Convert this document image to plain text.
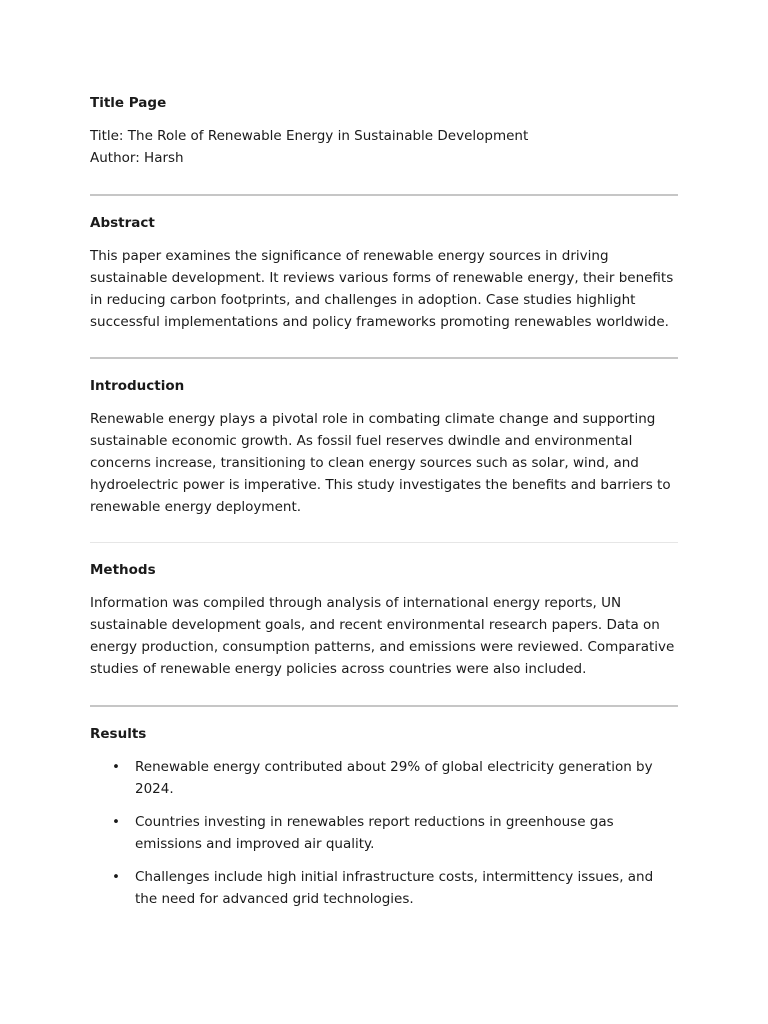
Title Page

Title: The Role of Renewable Energy in Sustainable Development

Author: Harsh

Abstract

This paper examines the significance of renewable energy sources in driving sustainable development. It reviews various forms of renewable energy, their benefits in reducing carbon footprints, and challenges in adoption. Case studies highlight successful implementations and policy frameworks promoting renewables worldwide.

Introduction

Renewable energy plays a pivotal role in combating climate change and supporting sustainable economic growth. As fossil fuel reserves dwindle and environmental concerns increase, transitioning to clean energy sources such as solar, wind, and hydroelectric power is imperative. This study investigates the benefits and barriers to renewable energy deployment.

Methods

Information was compiled through analysis of international energy reports, UN sustainable development goals, and recent environmental research papers. Data on energy production, consumption patterns, and emissions were reviewed. Comparative studies of renewable energy policies across countries were also included.

Results
• Renewable energy contributed about 29% of global electricity generation by 2024.
• Countries investing in renewables report reductions in greenhouse gas emissions and improved air quality.
• Challenges include high initial infrastructure costs, intermittency issues, and the need for advanced grid technologies.
